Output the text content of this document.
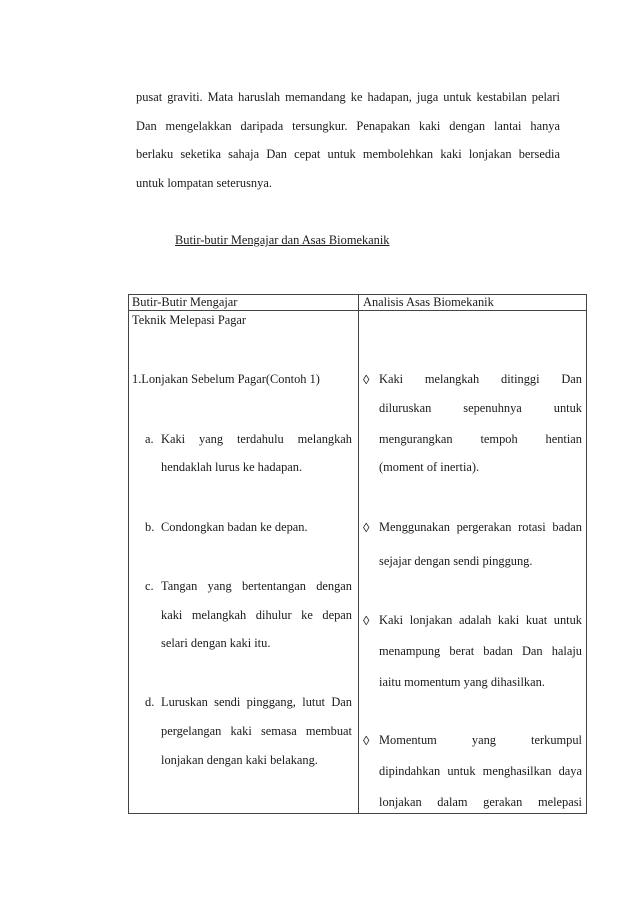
pusat graviti. Mata haruslah memandang ke hadapan, juga untuk kestabilan pelari
Dan mengelakkan daripada tersungkur. Penapakan kaki dengan lantai hanya
berlaku seketika sahaja Dan cepat untuk membolehkan kaki lonjakan bersedia
untuk lompatan seterusnya.
Butir-butir Mengajar dan Asas Biomekanik
Butir-Butir Mengajar	Analisis Asas Biomekanik
Teknik Melepasi Pagar
1.Lonjakan Sebelum Pagar(Contoh 1)
a. Kaki yang terdahulu melangkah
hendaklah lurus ke hadapan.
b. Condongkan badan ke depan.
c. Tangan yang bertentangan dengan
kaki melangkah dihulur ke depan
selari dengan kaki itu.
d. Luruskan sendi pinggang, lutut Dan
pergelangan kaki semasa membuat
lonjakan dengan kaki belakang.
◊ Kaki melangkah ditinggi Dan
diluruskan sepenuhnya untuk
mengurangkan tempoh hentian
(moment of inertia).
◊ Menggunakan pergerakan rotasi badan
sejajar dengan sendi pinggung.
◊ Kaki lonjakan adalah kaki kuat untuk
menampung berat badan Dan halaju
iaitu momentum yang dihasilkan.
◊ Momentum yang terkumpul
dipindahkan untuk menghasilkan daya
lonjakan dalam gerakan melepasi
